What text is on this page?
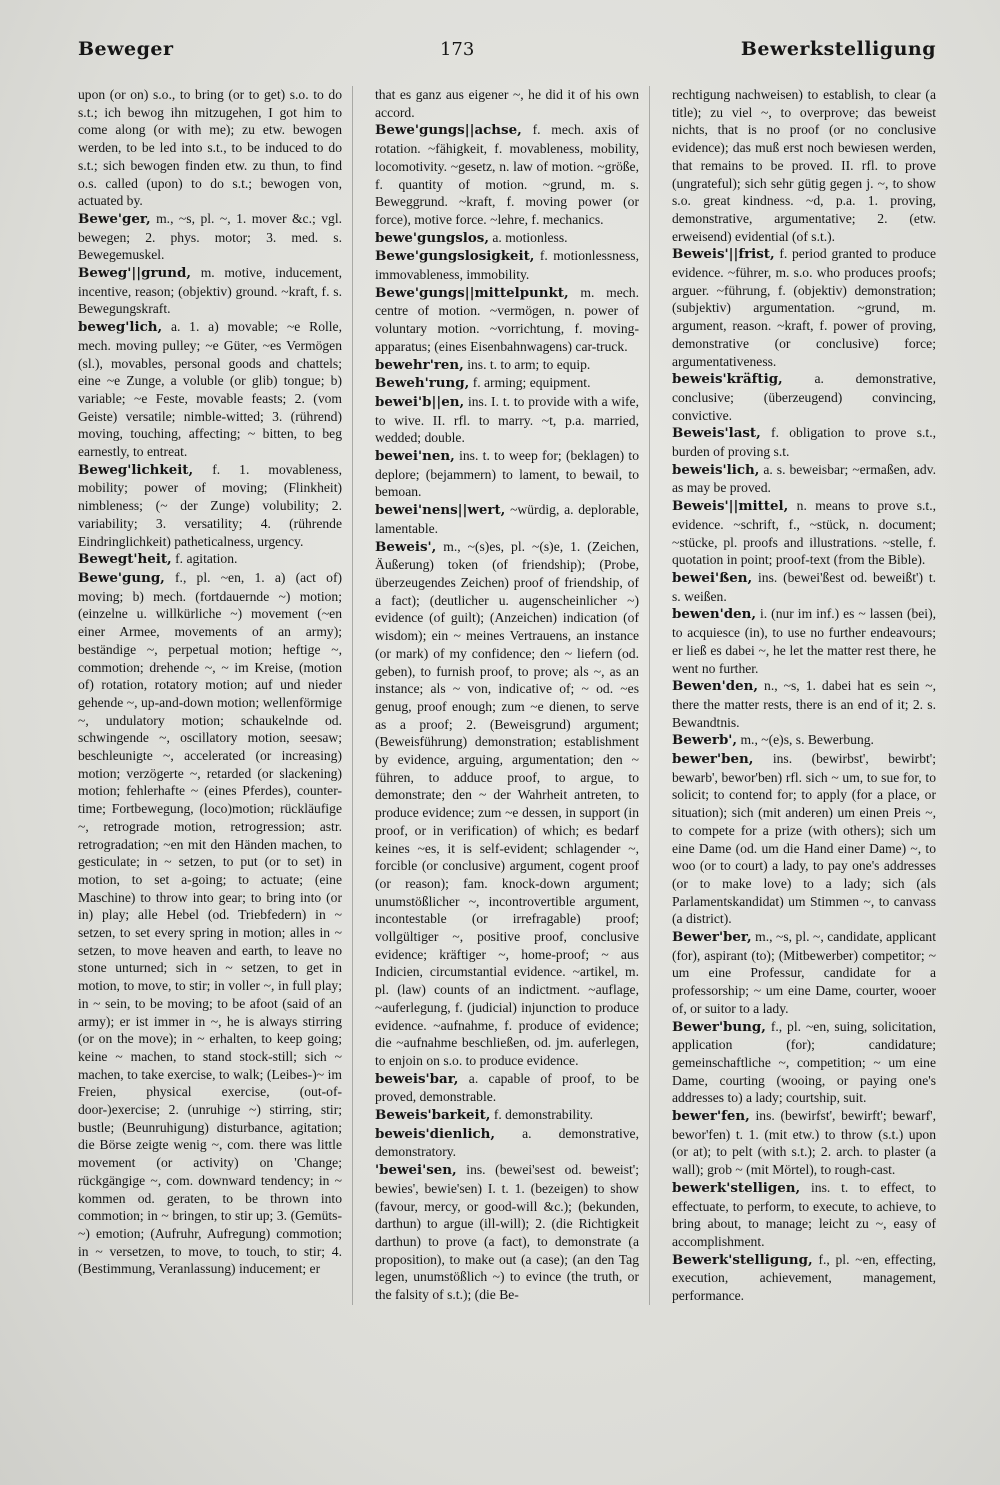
Beweger	173	Bewerkstelligung

upon (or on) s.o., to bring (or to get) s.o. to do s.t.; ich bewog ihn mitzugehen, I got him to come along (or with me); zu etw. bewogen werden, to be led into s.t., to be induced to do s.t.; sich bewogen finden etw. zu thun, to find o.s. called (upon) to do s.t.; bewogen von, actuated by.

Bewe'ger, m., ~s, pl. ~, 1. mover &c.; vgl. bewegen; 2. phys. motor; 3. med. s. Bewegemuskel.

Beweg'||grund, m. motive, inducement, incentive, reason; (objektiv) ground. ~kraft, f. s. Bewegungskraft.

beweg'lich, a. 1. a) movable; ~e Rolle, mech. moving pulley; ~e Güter, ~es Vermögen (sl.), movables, personal goods and chattels; eine ~e Zunge, a voluble (or glib) tongue; b) variable; ~e Feste, movable feasts; 2. (vom Geiste) versatile; nimble-witted; 3. (rührend) moving, touching, affecting; ~ bitten, to beg earnestly, to entreat.

Beweg'lichkeit, f. 1. movableness, mobility; power of moving; (Flinkheit) nimbleness; (~ der Zunge) volubility; 2. variability; 3. versatility; 4. (rührende Eindringlichkeit) patheticalness, urgency.

Bewegt'heit, f. agitation.

Bewe'gung, f., pl. ~en, 1. a) (act of) moving; b) mech. (fortdauernde ~) motion; (einzelne u. willkürliche ~) movement (~en einer Armee, movements of an army); beständige ~, perpetual motion; heftige ~, commotion; drehende ~, ~ im Kreise, (motion of) rotation, rotatory motion; auf und nieder gehende ~, up-and-down motion; wellenförmige ~, undulatory motion; schaukelnde od. schwingende ~, oscillatory motion, seesaw; beschleunigte ~, accelerated (or increasing) motion; verzögerte ~, retarded (or slackening) motion; fehlerhafte ~ (eines Pferdes), counter-time; Fortbewegung, (loco)motion; rückläufige ~, retrograde motion, retrogression; astr. retrogradation; ~en mit den Händen machen, to gesticulate; in ~ setzen, to put (or to set) in motion, to set a-going; to actuate; (eine Maschine) to throw into gear; to bring into (or in) play; alle Hebel (od. Triebfedern) in ~ setzen, to set every spring in motion; alles in ~ setzen, to move heaven and earth, to leave no stone unturned; sich in ~ setzen, to get in motion, to move, to stir; in voller ~, in full play; in ~ sein, to be moving; to be afoot (said of an army); er ist immer in ~, he is always stirring (or on the move); in ~ erhalten, to keep going; keine ~ machen, to stand stock-still; sich ~ machen, to take exercise, to walk; (Leibes-)~ im Freien, physical exercise, (out-of-door-)exercise; 2. (unruhige ~) stirring, stir; bustle; (Beunruhigung) disturbance, agitation; die Börse zeigte wenig ~, com. there was little movement (or activity) on 'Change; rückgängige ~, com. downward tendency; in ~ kommen od. geraten, to be thrown into commotion; in ~ bringen, to stir up; 3. (Gemüts-~) emotion; (Aufruhr, Aufregung) commotion; in ~ versetzen, to move, to touch, to stir; 4. (Bestimmung, Veranlassung) inducement; er

that es ganz aus eigener ~, he did it of his own accord.

Bewe'gungs||achse, f. mech. axis of rotation. ~fähigkeit, f. movableness, mobility, locomotivity. ~gesetz, n. law of motion. ~größe, f. quantity of motion. ~grund, m. s. Beweggrund. ~kraft, f. moving power (or force), motive force. ~lehre, f. mechanics.

bewe'gungslos, a. motionless.

Bewe'gungslosigkeit, f. motionlessness, immovableness, immobility.

Bewe'gungs||mittelpunkt, m. mech. centre of motion. ~vermögen, n. power of voluntary motion. ~vorrichtung, f. moving-apparatus; (eines Eisenbahnwagens) car-truck.

bewehr'ren, ins. t. to arm; to equip.

Beweh'rung, f. arming; equipment.

bewei'b||en, ins. I. t. to provide with a wife, to wive. II. rfl. to marry. ~t, p.a. married, wedded; double.

bewei'nen, ins. t. to weep for; (beklagen) to deplore; (bejammern) to lament, to bewail, to bemoan.

bewei'nens||wert, ~würdig, a. deplorable, lamentable.

Beweis', m., ~(s)es, pl. ~(s)e, 1. (Zeichen, Äußerung) token (of friendship); (Probe, überzeugendes Zeichen) proof of friendship, of a fact); (deutlicher u. augenscheinlicher ~) evidence (of guilt); (Anzeichen) indication (of wisdom); ein ~ meines Vertrauens, an instance (or mark) of my confidence; den ~ liefern (od. geben), to furnish proof, to prove; als ~, as an instance; als ~ von, indicative of; ~ od. ~es genug, proof enough; zum ~e dienen, to serve as a proof; 2. (Beweisgrund) argument; (Beweisführung) demonstration; establishment by evidence, arguing, argumentation; den ~ führen, to adduce proof, to argue, to demonstrate; den ~ der Wahrheit antreten, to produce evidence; zum ~e dessen, in support (in proof, or in verification) of which; es bedarf keines ~es, it is self-evident; schlagender ~, forcible (or conclusive) argument, cogent proof (or reason); fam. knock-down argument; unumstößlicher ~, incontrovertible argument, incontestable (or irrefragable) proof; vollgültiger ~, positive proof, conclusive evidence; kräftiger ~, home-proof; ~ aus Indicien, circumstantial evidence. ~artikel, m. pl. (law) counts of an indictment. ~auflage, ~auferlegung, f. (judicial) injunction to produce evidence. ~aufnahme, f. produce of evidence; die ~aufnahme beschließen, od. jm. auferlegen, to enjoin on s.o. to produce evidence.

beweis'bar, a. capable of proof, to be proved, demonstrable.

Beweis'barkeit, f. demonstrability.

beweis'dienlich, a. demonstrative, demonstratory.

'bewei'sen, ins. (bewei'sest od. beweist'; bewies', bewie'sen) I. t. 1. (bezeigen) to show (favour, mercy, or good-will &c.); (bekunden, darthun) to argue (ill-will); 2. (die Richtigkeit darthun) to prove (a fact), to demonstrate (a proposition), to make out (a case); (an den Tag legen, unumstößlich ~) to evince (the truth, or the falsity of s.t.); (die Be-

rechtigung nachweisen) to establish, to clear (a title); zu viel ~, to overprove; das beweist nichts, that is no proof (or no conclusive evidence); das muß erst noch bewiesen werden, that remains to be proved. II. rfl. to prove (ungrateful); sich sehr gütig gegen j. ~, to show s.o. great kindness. ~d, p.a. 1. proving, demonstrative, argumentative; 2. (etw. erweisend) evidential (of s.t.).

Beweis'||frist, f. period granted to produce evidence. ~führer, m. s.o. who produces proofs; arguer. ~führung, f. (objektiv) demonstration; (subjektiv) argumentation. ~grund, m. argument, reason. ~kraft, f. power of proving, demonstrative (or conclusive) force; argumentativeness.

beweis'kräftig, a. demonstrative, conclusive; (überzeugend) convincing, convictive.

Beweis'last, f. obligation to prove s.t., burden of proving s.t.

beweis'lich, a. s. beweisbar; ~ermaßen, adv. as may be proved.

Beweis'||mittel, n. means to prove s.t., evidence. ~schrift, f., ~stück, n. document; ~stücke, pl. proofs and illustrations. ~stelle, f. quotation in point; proof-text (from the Bible).

bewei'ßen, ins. (bewei'ßest od. beweißt') t. s. weißen.

bewen'den, i. (nur im inf.) es ~ lassen (bei), to acquiesce (in), to use no further endeavours; er ließ es dabei ~, he let the matter rest there, he went no further.

Bewen'den, n., ~s, 1. dabei hat es sein ~, there the matter rests, there is an end of it; 2. s. Bewandtnis.

Bewerb', m., ~(e)s, s. Bewerbung.

bewer'ben, ins. (bewirbst', bewirbt'; bewarb', bewor'ben) rfl. sich ~ um, to sue for, to solicit; to contend for; to apply (for a place, or situation); sich (mit anderen) um einen Preis ~, to compete for a prize (with others); sich um eine Dame (od. um die Hand einer Dame) ~, to woo (or to court) a lady, to pay one's addresses (or to make love) to a lady; sich (als Parlamentskandidat) um Stimmen ~, to canvass (a district).

Bewer'ber, m., ~s, pl. ~, candidate, applicant (for), aspirant (to); (Mitbewerber) competitor; ~ um eine Professur, candidate for a professorship; ~ um eine Dame, courter, wooer of, or suitor to a lady.

Bewer'bung, f., pl. ~en, suing, solicitation, application (for); candidature; gemeinschaftliche ~, competition; ~ um eine Dame, courting (wooing, or paying one's addresses to) a lady; courtship, suit.

bewer'fen, ins. (bewirfst', bewirft'; bewarf', bewor'fen) t. 1. (mit etw.) to throw (s.t.) upon (or at); to pelt (with s.t.); 2. arch. to plaster (a wall); grob ~ (mit Mörtel), to rough-cast.

bewerk'stelligen, ins. t. to effect, to effectuate, to perform, to execute, to achieve, to bring about, to manage; leicht zu ~, easy of accomplishment.

Bewerk'stelligung, f., pl. ~en, effecting, execution, achievement, management, performance.
